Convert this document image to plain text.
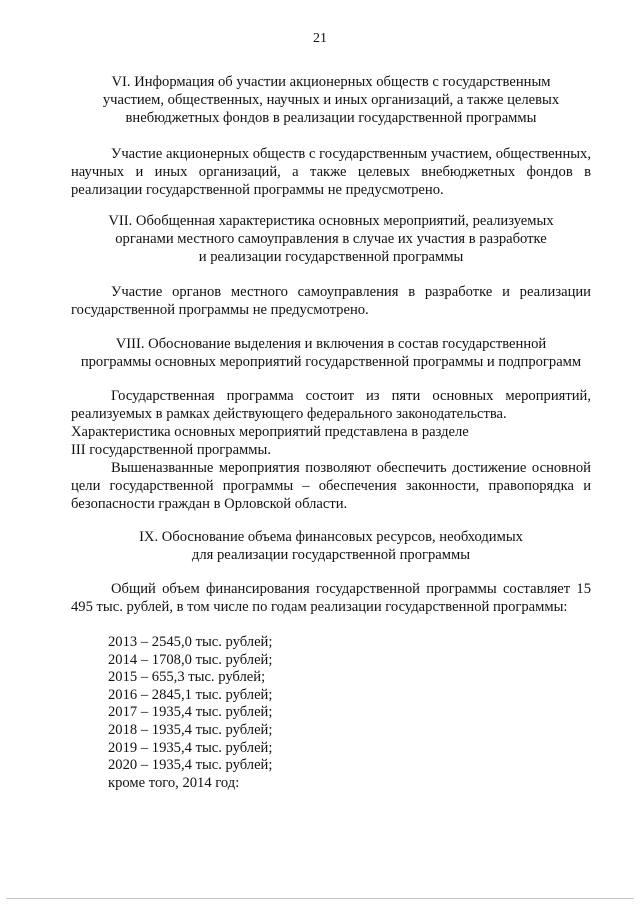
21
VI. Информация об участии акционерных обществ с государственным
участием, общественных, научных и иных организаций, а также целевых
внебюджетных фондов в реализации государственной программы

Участие акционерных обществ с государственным участием, общественных, научных и иных организаций, а также целевых внебюджетных фондов в реализации государственной программы не предусмотрено.

VII. Обобщенная характеристика основных мероприятий, реализуемых
органами местного самоуправления в случае их участия в разработке
и реализации государственной программы

Участие органов местного самоуправления в разработке и реализации государственной программы не предусмотрено.

VIII. Обоснование выделения и включения в состав государственной
программы основных мероприятий государственной программы и подпрограмм

Государственная программа состоит из пяти основных мероприятий, реализуемых в рамках действующего федерального законодательства.

Характеристика основных мероприятий представлена в разделе

III государственной программы.

Вышеназванные мероприятия позволяют обеспечить достижение основной цели государственной программы – обеспечения законности, правопорядка и безопасности граждан в Орловской области.

IX. Обоснование объема финансовых ресурсов, необходимых
для реализации государственной программы

Общий объем финансирования государственной программы составляет 15 495 тыс. рублей, в том числе по годам реализации государственной программы:

2013 – 2545,0 тыс. рублей;
2014 – 1708,0 тыс. рублей;
2015 – 655,3 тыс. рублей;
2016 – 2845,1 тыс. рублей;
2017 – 1935,4 тыс. рублей;
2018 – 1935,4 тыс. рублей;
2019 – 1935,4 тыс. рублей;
2020 – 1935,4 тыс. рублей;
кроме того, 2014 год:
